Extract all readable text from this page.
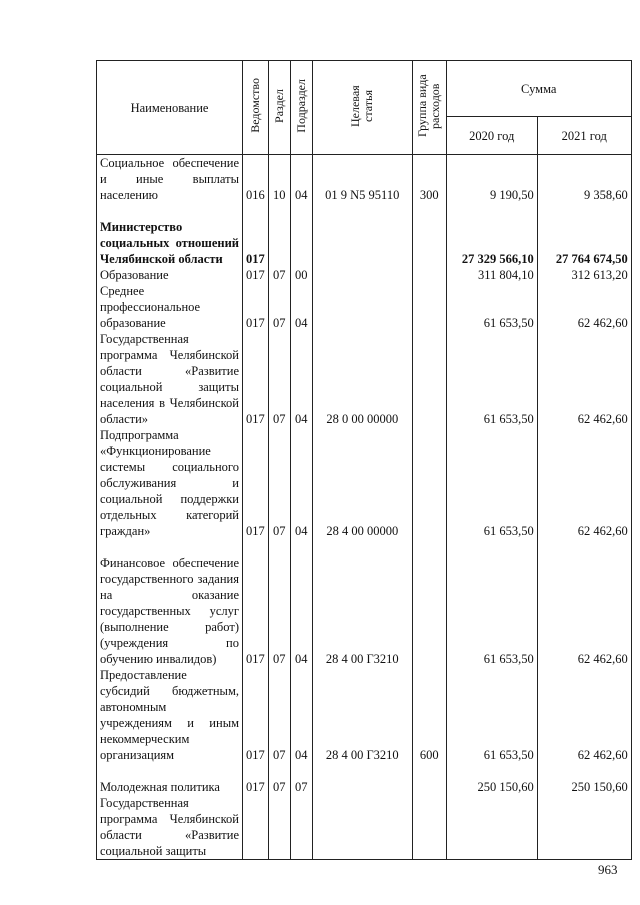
Наименование	Ведомство	Раздел	Подраздел	Целевая статья	Группа вида расходов	Сумма	
						2020 год	2021 год
Социальное обеспечение и иные выплаты населению	016	10	04	01 9 N5 95110	300	9 190,50	9 358,60
Министерство социальных отношений Челябинской области	017					27 329 566,10	27 764 674,50
Образование	017	07	00			311 804,10	312 613,20
Среднее профессиональное образование	017	07	04			61 653,50	62 462,60
Государственная программа Челябинской области «Развитие социальной защиты населения в Челябинской области»	017	07	04	28 0 00 00000		61 653,50	62 462,60
Подпрограмма «Функционирование системы социального обслуживания и социальной поддержки отдельных категорий граждан»	017	07	04	28 4 00 00000		61 653,50	62 462,60
Финансовое обеспечение государственного задания на оказание государственных услуг (выполнение работ) (учреждения по обучению инвалидов)	017	07	04	28 4 00 Г3210		61 653,50	62 462,60
Предоставление субсидий бюджетным, автономным учреждениям и иным некоммерческим организациям	017	07	04	28 4 00 Г3210	600	61 653,50	62 462,60
Молодежная политика	017	07	07			250 150,60	250 150,60
Государственная программа Челябинской области «Развитие социальной защиты							
963
